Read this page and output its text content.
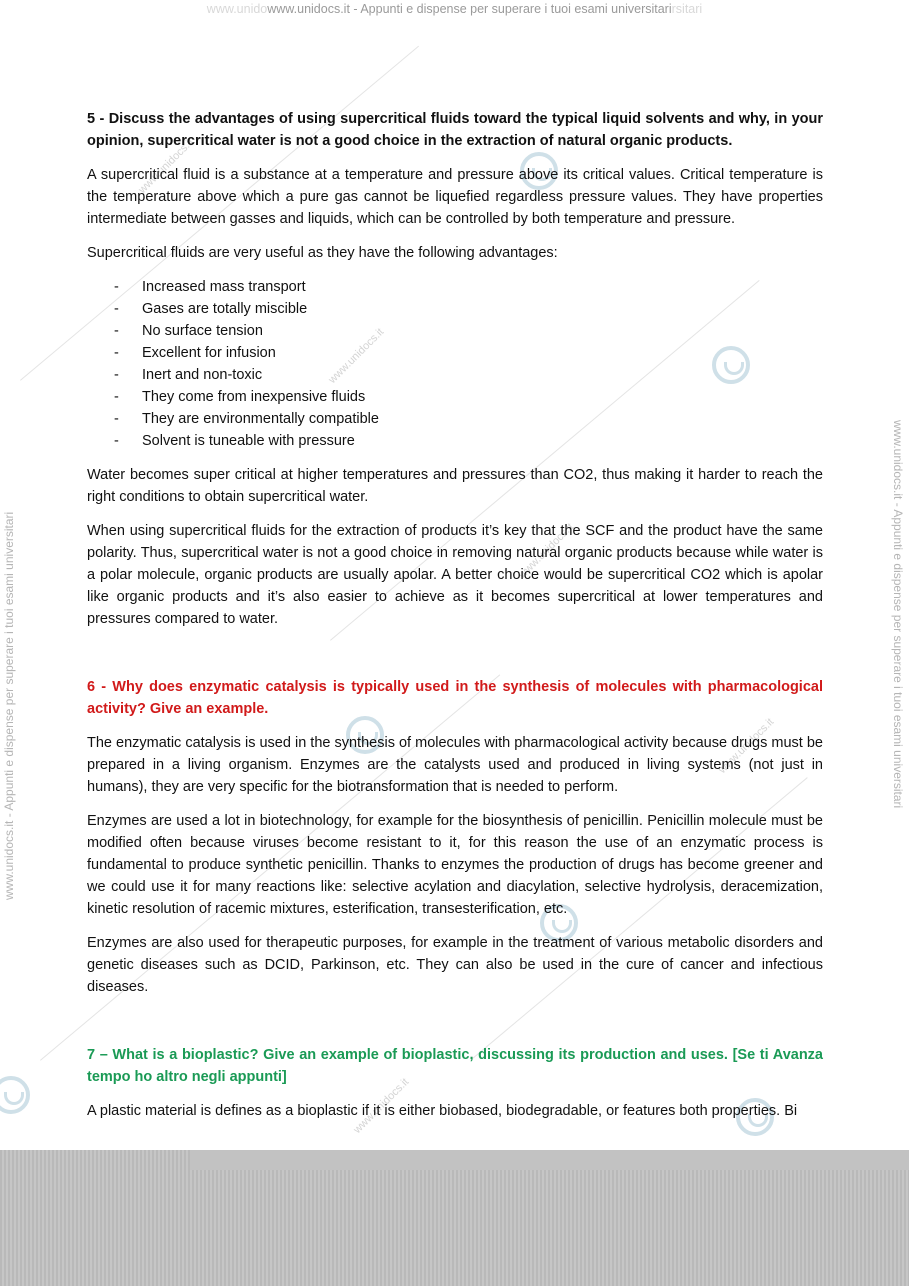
www.unidocs.it
www.unidocs.it
www.unidocs.it
www.unidocs.it
www.unidocs.it
www.unidowww.unidocs.it - Appunti e dispense per superare i tuoi esami universitarirsitari
www.unidocs.it - Appunti e dispense per superare i tuoi esami universitari	www.unidocs.it - Appunti e dispense per superare i tuoi esami universitari

5 - Discuss the advantages of using supercritical fluids toward the typical liquid solvents and why, in your opinion, supercritical water is not a good choice in the extraction of natural organic products.

A supercritical fluid is a substance at a temperature and pressure above its critical values. Critical temperature is the temperature above which a pure gas cannot be liquefied regardless pressure values. They have properties intermediate between gasses and liquids, which can be controlled by both temperature and pressure.

Supercritical fluids are very useful as they have the following advantages:

- Increased mass transport
- Gases are totally miscible
- No surface tension
- Excellent for infusion
- Inert and non-toxic
- They come from inexpensive fluids
- They are environmentally compatible
- Solvent is tuneable with pressure

Water becomes super critical at higher temperatures and pressures than CO2, thus making it harder to reach the right conditions to obtain supercritical water.

When using supercritical fluids for the extraction of products it’s key that the SCF and the product have the same polarity. Thus, supercritical water is not a good choice in removing natural organic products because while water is a polar molecule, organic products are usually apolar. A better choice would be supercritical CO2 which is apolar like organic products and it’s also easier to achieve as it becomes supercritical at lower temperatures and pressures compared to water.

6 - Why does enzymatic catalysis is typically used in the synthesis of molecules with pharmacological activity? Give an example.

The enzymatic catalysis is used in the synthesis of molecules with pharmacological activity because drugs must be prepared in a living organism. Enzymes are the catalysts used and produced in living systems (not just in humans), they are very specific for the biotransformation that is needed to perform.

Enzymes are used a lot in biotechnology, for example for the biosynthesis of penicillin. Penicillin molecule must be modified often because viruses become resistant to it, for this reason the use of an enzymatic process is fundamental to produce synthetic penicillin. Thanks to enzymes the production of drugs has become greener and we could use it for many reactions like: selective acylation and diacylation, selective hydrolysis, deracemization, kinetic resolution of racemic mixtures, esterification, transesterification, etc.

Enzymes are also used for therapeutic purposes, for example in the treatment of various metabolic disorders and genetic diseases such as DCID, Parkinson, etc. They can also be used in the cure of cancer and infectious diseases.

7 – What is a bioplastic? Give an example of bioplastic, discussing its production and uses. [Se ti Avanza tempo ho altro negli appunti]

A plastic material is defines as a bioplastic if it is either biobased, biodegradable, or features both properties. Bi
